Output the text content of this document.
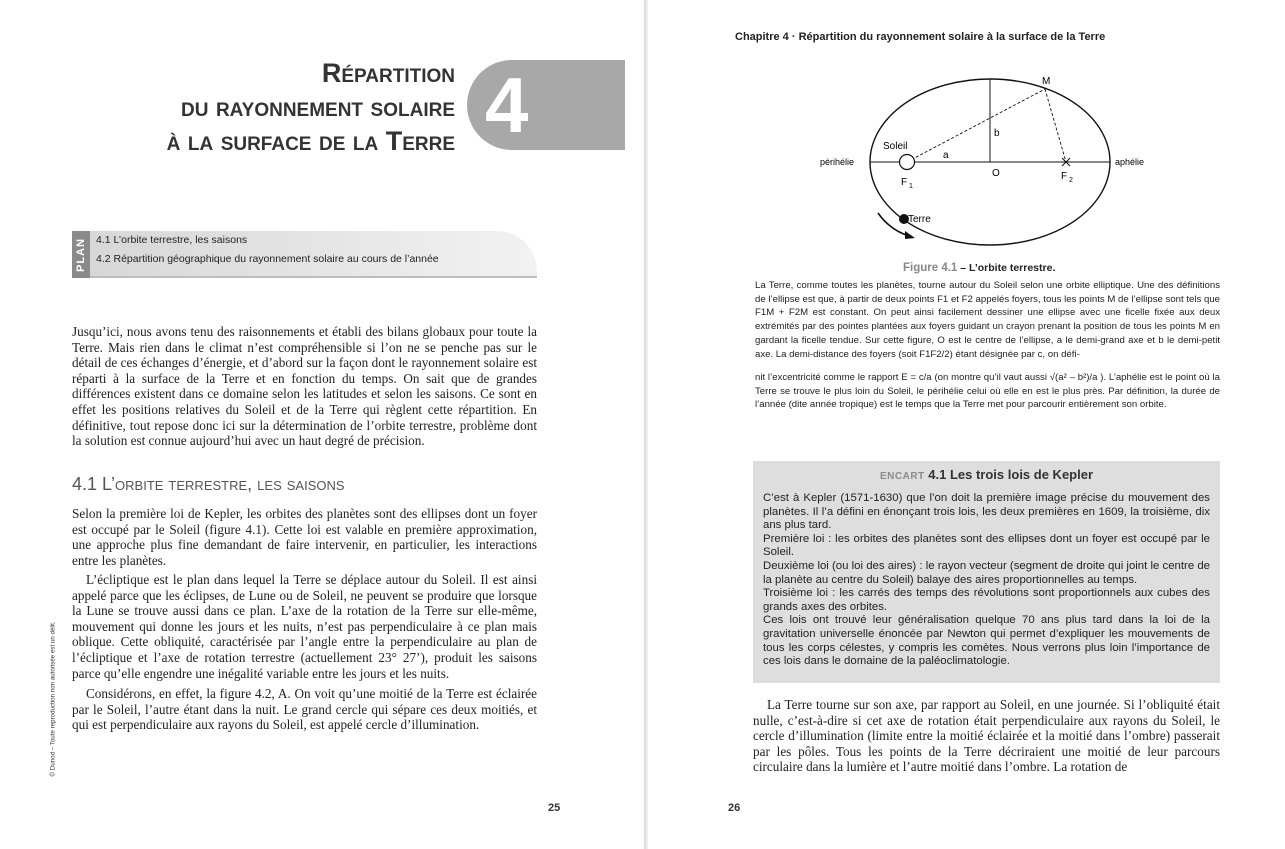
Répartition
du rayonnement solaire
à la surface de la Terre 4
PLAN 4.1 L’orbite terrestre, les saisons
4.2 Répartition géographique du rayonnement solaire au cours de l’année
Jusqu’ici, nous avons tenu des raisonnements et établi des bilans globaux pour toute la Terre. Mais rien dans le climat n’est compréhensible si l’on ne se penche pas sur le détail de ces échanges d’énergie, et d’abord sur la façon dont le rayonnement solaire est réparti à la surface de la Terre et en fonction du temps. On sait que de grandes différences existent dans ce domaine selon les latitudes et selon les saisons. Ce sont en effet les positions relatives du Soleil et de la Terre qui règlent cette répartition. En définitive, tout repose donc ici sur la détermination de l’orbite terrestre, problème dont la solution est connue aujourd’hui avec un haut degré de précision.
4.1 L’orbite terrestre, les saisons
Selon la première loi de Kepler, les orbites des planètes sont des ellipses dont un foyer est occupé par le Soleil (figure 4.1). Cette loi est valable en première approximation, une approche plus fine demandant de faire intervenir, en particulier, les interactions entre les planètes.
L’écliptique est le plan dans lequel la Terre se déplace autour du Soleil. Il est ainsi appelé parce que les éclipses, de Lune ou de Soleil, ne peuvent se produire que lorsque la Lune se trouve aussi dans ce plan. L’axe de la rotation de la Terre sur elle-même, mouvement qui donne les jours et les nuits, n’est pas perpendiculaire à ce plan mais oblique. Cette obliquité, caractérisée par l’angle entre la perpendiculaire au plan de l’écliptique et l’axe de rotation terrestre (actuellement 23° 27’), produit les saisons parce qu’elle engendre une inégalité variable entre les jours et les nuits.
Considérons, en effet, la figure 4.2, A. On voit qu’une moitié de la Terre est éclairée par le Soleil, l’autre étant dans la nuit. Le grand cercle qui sépare ces deux moitiés, et qui est perpendiculaire aux rayons du Soleil, est appelé cercle d’illumination.
© Dunod – Toute reproduction non autorisée est un délit.
25
Chapitre 4 · Répartition du rayonnement solaire à la surface de la Terre
Soleil
Terre
périhélie	aphélie
M
a
b
O
F 1
F 2
Figure 4.1 – L’orbite terrestre.
La Terre, comme toutes les planètes, tourne autour du Soleil selon une orbite elliptique. Une des définitions de l’ellipse est que, à partir de deux points F1 et F2 appelés foyers, tous les points M de l’ellipse sont tels que F1M + F2M est constant. On peut ainsi facilement dessiner une ellipse avec une ficelle fixée aux deux extrémités par des pointes plantées aux foyers guidant un crayon prenant la position de tous les points M en gardant la ficelle tendue. Sur cette figure, O est le centre de l’ellipse, a le demi-grand axe et b le demi-petit axe. La demi-distance des foyers (soit F1F2/2) étant désignée par c, on défi-
nit l’excentricité comme le rapport E = c/a (on montre qu’il vaut aussi √(a² – b²)/a ). L’aphélie est le point où la Terre se trouve le plus loin du Soleil, le périhélie celui où elle en est le plus près. Par définition, la durée de l’année (dite année tropique) est le temps que la Terre met pour parcourir entièrement son orbite.
ENCART 4.1 Les trois lois de Kepler
C’est à Kepler (1571-1630) que l’on doit la première image précise du mouvement des planètes. Il l’a défini en énonçant trois lois, les deux premières en 1609, la troisième, dix ans plus tard.
Première loi : les orbites des planètes sont des ellipses dont un foyer est occupé par le Soleil.
Deuxième loi (ou loi des aires) : le rayon vecteur (segment de droite qui joint le centre de la planète au centre du Soleil) balaye des aires proportionnelles au temps.
Troisième loi : les carrés des temps des révolutions sont proportionnels aux cubes des grands axes des orbites.
Ces lois ont trouvé leur généralisation quelque 70 ans plus tard dans la loi de la gravitation universelle énoncée par Newton qui permet d’expliquer les mouvements de tous les corps célestes, y compris les comètes. Nous verrons plus loin l’importance de ces lois dans le domaine de la paléoclimatologie.
La Terre tourne sur son axe, par rapport au Soleil, en une journée. Si l’obliquité était nulle, c’est-à-dire si cet axe de rotation était perpendiculaire aux rayons du Soleil, le cercle d’illumination (limite entre la moitié éclairée et la moitié dans l’ombre) passerait par les pôles. Tous les points de la Terre décriraient une moitié de leur parcours circulaire dans la lumière et l’autre moitié dans l’ombre. La rotation de
26
